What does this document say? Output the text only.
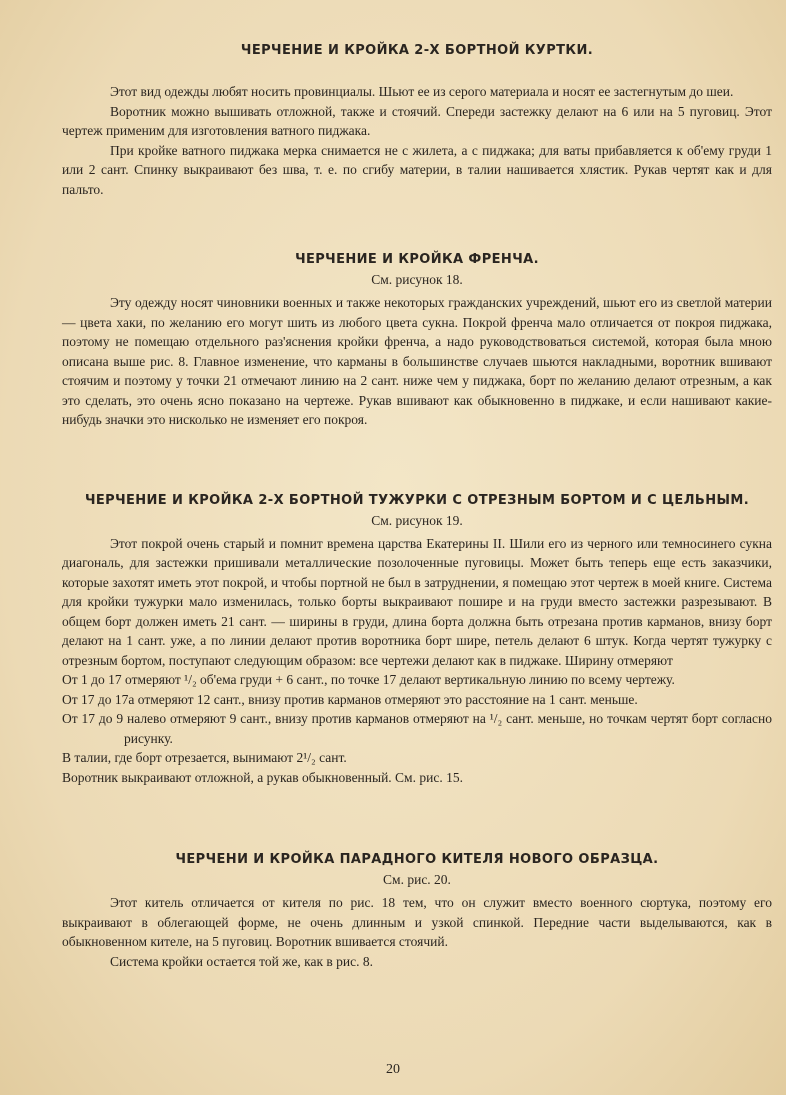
ЧЕРЧЕНИЕ И КРОЙКА 2-Х БОРТНОЙ КУРТКИ.

Этот вид одежды любят носить провинциалы. Шьют ее из серого материала и носят ее застегнутым до шеи.

Воротник можно вышивать отложной, также и стоячий. Спереди застежку делают на 6 или на 5 пуговиц. Этот чертеж применим для изготовления ватного пиджака.

При кройке ватного пиджака мерка снимается не с жилета, а с пиджака; для ваты прибавляется к об'ему груди 1 или 2 сант. Спинку выкраивают без шва, т. е. по сгибу материи, в талии нашивается хлястик. Рукав чертят как и для пальто.

ЧЕРЧЕНИЕ И КРОЙКА ФРЕНЧА.
См. рисунок 18.

Эту одежду носят чиновники военных и также некоторых гражданских учреждений, шьют его из светлой материи — цвета хаки, по желанию его могут шить из любого цвета сукна. Покрой френча мало отличается от покроя пиджака, поэтому не помещаю отдельного раз'яснения кройки френча, а надо руководствоваться системой, которая была мною описана выше рис. 8. Главное изменение, что карманы в большинстве случаев шьются накладными, воротник вшивают стоячим и поэтому у точки 21 отмечают линию на 2 сант. ниже чем у пиджака, борт по желанию делают отрезным, а как это сделать, это очень ясно показано на чертеже. Рукав вшивают как обыкновенно в пиджаке, и если нашивают какие-нибудь значки это нисколько не изменяет его покроя.

ЧЕРЧЕНИЕ И КРОЙКА 2-Х БОРТНОЙ ТУЖУРКИ С ОТРЕЗНЫМ БОРТОМ И С ЦЕЛЬНЫМ.
См. рисунок 19.

Этот покрой очень старый и помнит времена царства Екатерины II. Шили его из черного или темносинего сукна диагональ, для застежки пришивали металлические позолоченные пуговицы. Может быть теперь еще есть заказчики, которые захотят иметь этот покрой, и чтобы портной не был в затруднении, я помещаю этот чертеж в моей книге. Система для кройки тужурки мало изменилась, только борты выкраивают пошире и на груди вместо застежки разрезывают. В общем борт должен иметь 21 сант. — ширины в груди, длина борта должна быть отрезана против карманов, внизу борт делают на 1 сант. уже, а по линии делают против воротника борт шире, петель делают 6 штук. Когда чертят тужурку с отрезным бортом, поступают следующим образом: все чертежи делают как в пиджаке. Ширину отмеряют

От 1 до 17 отмеряют ¹/₂ об'ема груди + 6 сант., по точке 17 делают вертикальную линию по всему чертежу.

От 17 до 17а отмеряют 12 сант., внизу против карманов отмеряют это расстояние на 1 сант. меньше.

От 17 до 9 налево отмеряют 9 сант., внизу против карманов отмеряют на ¹/₂ сант. меньше, но точкам чертят борт согласно рисунку.

В талии, где борт отрезается, вынимают 2¹/₂ сант.

Воротник выкраивают отложной, а рукав обыкновенный. См. рис. 15.

ЧЕРЧЕНИ И КРОЙКА ПАРАДНОГО КИТЕЛЯ НОВОГО ОБРАЗЦА.
См. рис. 20.

Этот китель отличается от кителя по рис. 18 тем, что он служит вместо военного сюртука, поэтому его выкраивают в облегающей форме, не очень длинным и узкой спинкой. Передние части выделываются, как в обыкновенном кителе, на 5 пуговиц. Воротник вшивается стоячий.

Система кройки остается той же, как в рис. 8.

20
